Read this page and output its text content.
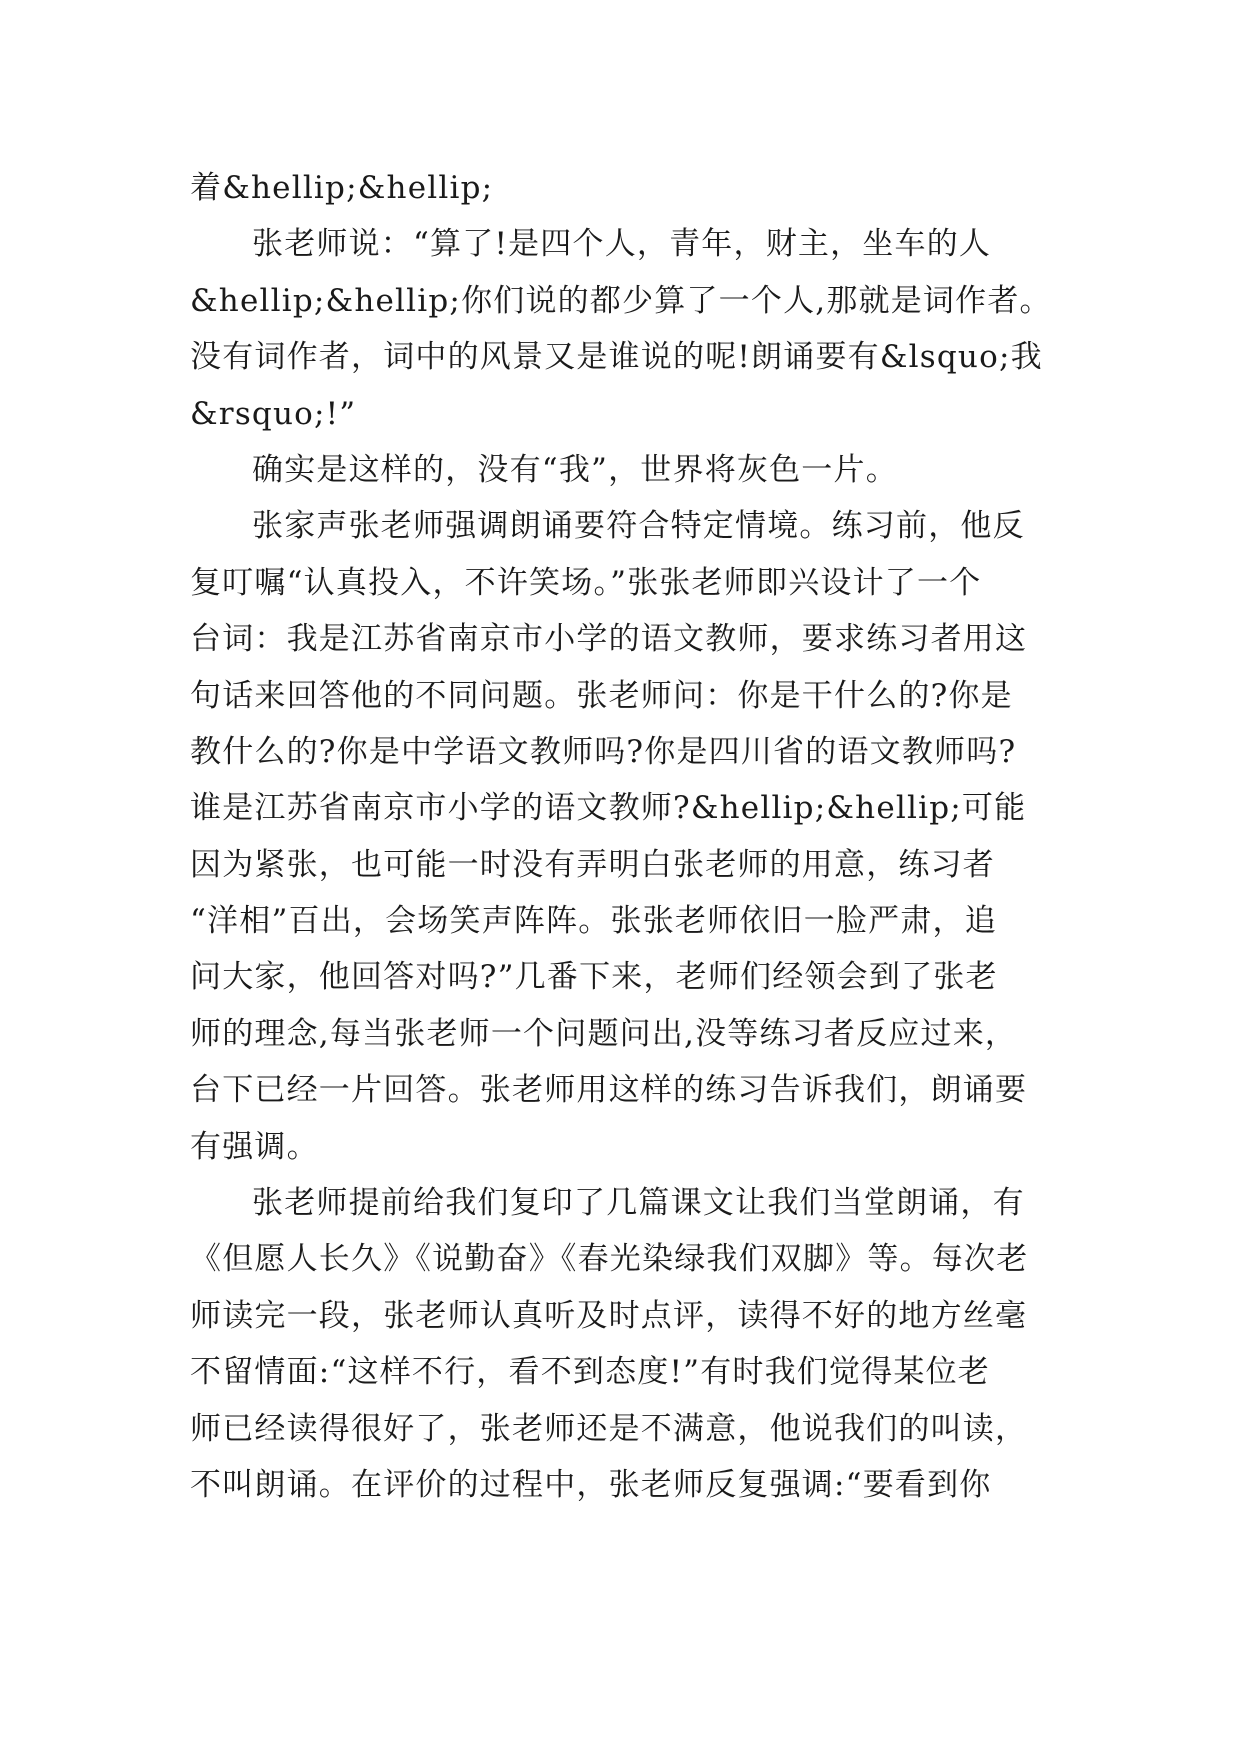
着&hellip;&hellip;
张老师说：“算了!是四个人，青年，财主，坐车的人
&hellip;&hellip;你们说的都少算了一个人,那就是词作者。
没有词作者，词中的风景又是谁说的呢!朗诵要有&lsquo;我
&rsquo;!”
确实是这样的，没有“我”，世界将灰色一片。
张家声张老师强调朗诵要符合特定情境。练习前，他反
复叮嘱“认真投入，不许笑场。”张张老师即兴设计了一个
台词：我是江苏省南京市小学的语文教师，要求练习者用这
句话来回答他的不同问题。张老师问：你是干什么的?你是
教什么的?你是中学语文教师吗?你是四川省的语文教师吗?
谁是江苏省南京市小学的语文教师?&hellip;&hellip;可能
因为紧张，也可能一时没有弄明白张老师的用意，练习者
“洋相”百出，会场笑声阵阵。张张老师依旧一脸严肃，追
问大家，他回答对吗?”几番下来，老师们经领会到了张老
师的理念,每当张老师一个问题问出,没等练习者反应过来，
台下已经一片回答。张老师用这样的练习告诉我们，朗诵要
有强调。
张老师提前给我们复印了几篇课文让我们当堂朗诵，有
《但愿人长久》《说勤奋》《春光染绿我们双脚》等。每次老
师读完一段，张老师认真听及时点评，读得不好的地方丝毫
不留情面:“这样不行，看不到态度!”有时我们觉得某位老
师已经读得很好了，张老师还是不满意，他说我们的叫读，
不叫朗诵。在评价的过程中，张老师反复强调:“要看到你
